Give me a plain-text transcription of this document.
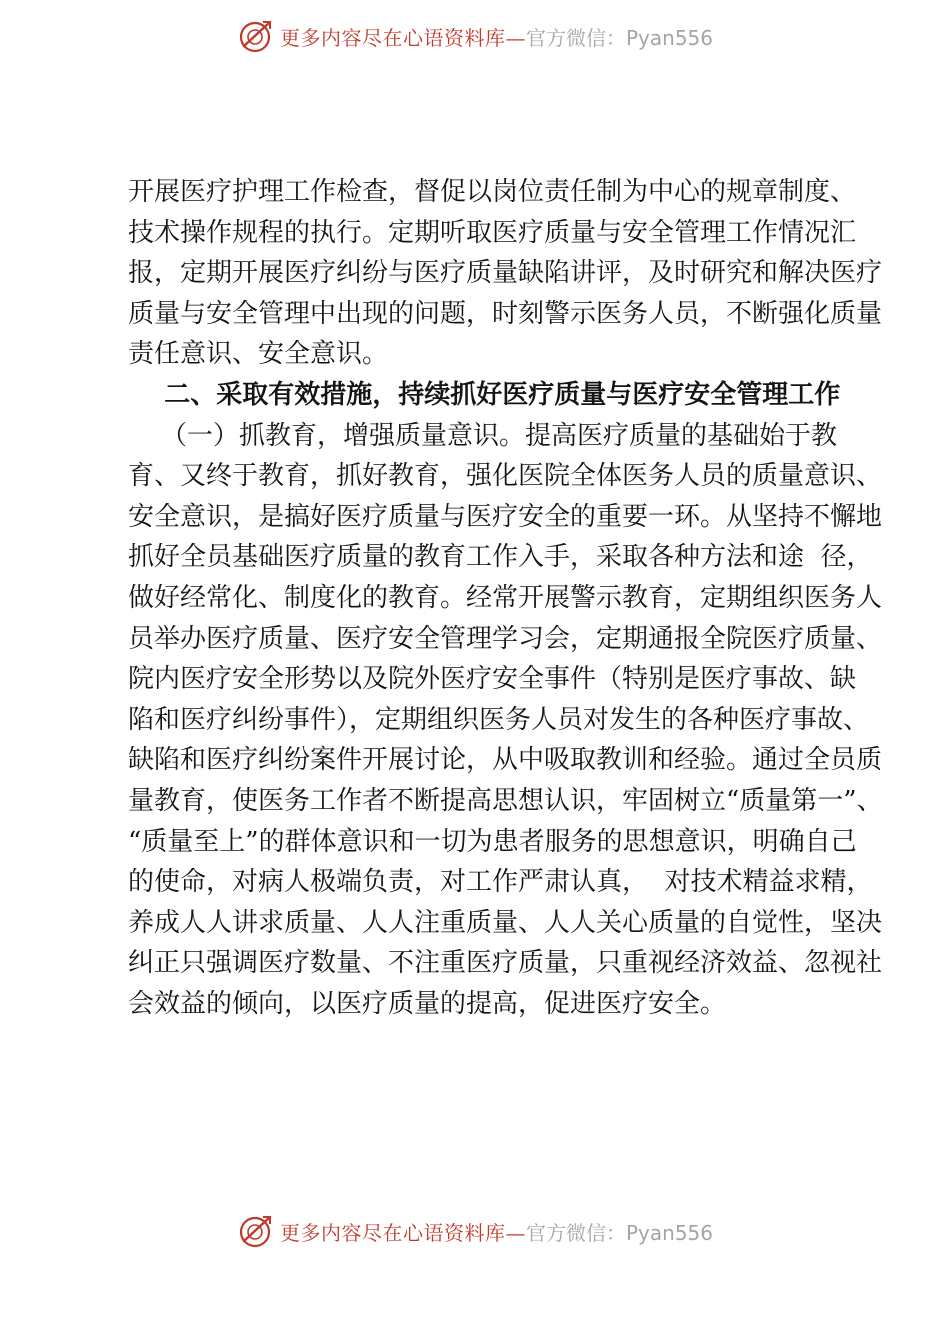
更多内容尽在心语资料库— 官方微信：Pyan556
开展医疗护理工作检查，督促以岗位责任制为中心的规章制度、
技术操作规程的执行。定期听取医疗质量与安全管理工作情况汇
报，定期开展医疗纠纷与医疗质量缺陷讲评，及时研究和解决医疗
质量与安全管理中出现的问题，时刻警示医务人员，不断强化质量
责任意识、安全意识。
二、采取有效措施，持续抓好医疗质量与医疗安全管理工作
（一）抓教育，增强质量意识。提高医疗质量的基础始于教
育、又终于教育，抓好教育，强化医院全体医务人员的质量意识、
安全意识，是搞好医疗质量与医疗安全的重要一环。从坚持不懈地
抓好全员基础医疗质量的教育工作入手，采取各种方法和途  径，
做好经常化、制度化的教育。经常开展警示教育，定期组织医务人
员举办医疗质量、医疗安全管理学习会，定期通报全院医疗质量、
院内医疗安全形势以及院外医疗安全事件（特别是医疗事故、缺
陷和医疗纠纷事件），定期组织医务人员对发生的各种医疗事故、
缺陷和医疗纠纷案件开展讨论，从中吸取教训和经验。通过全员质
量教育，使医务工作者不断提高思想认识，牢固树立“质量第一”、
“质量至上”的群体意识和一切为患者服务的思想意识，明确自己
的使命，对病人极端负责，对工作严肃认真，  对技术精益求精，
养成人人讲求质量、人人注重质量、人人关心质量的自觉性，坚决
纠正只强调医疗数量、不注重医疗质量，只重视经济效益、忽视社
会效益的倾向，以医疗质量的提高，促进医疗安全。
更多内容尽在心语资料库— 官方微信：Pyan556
